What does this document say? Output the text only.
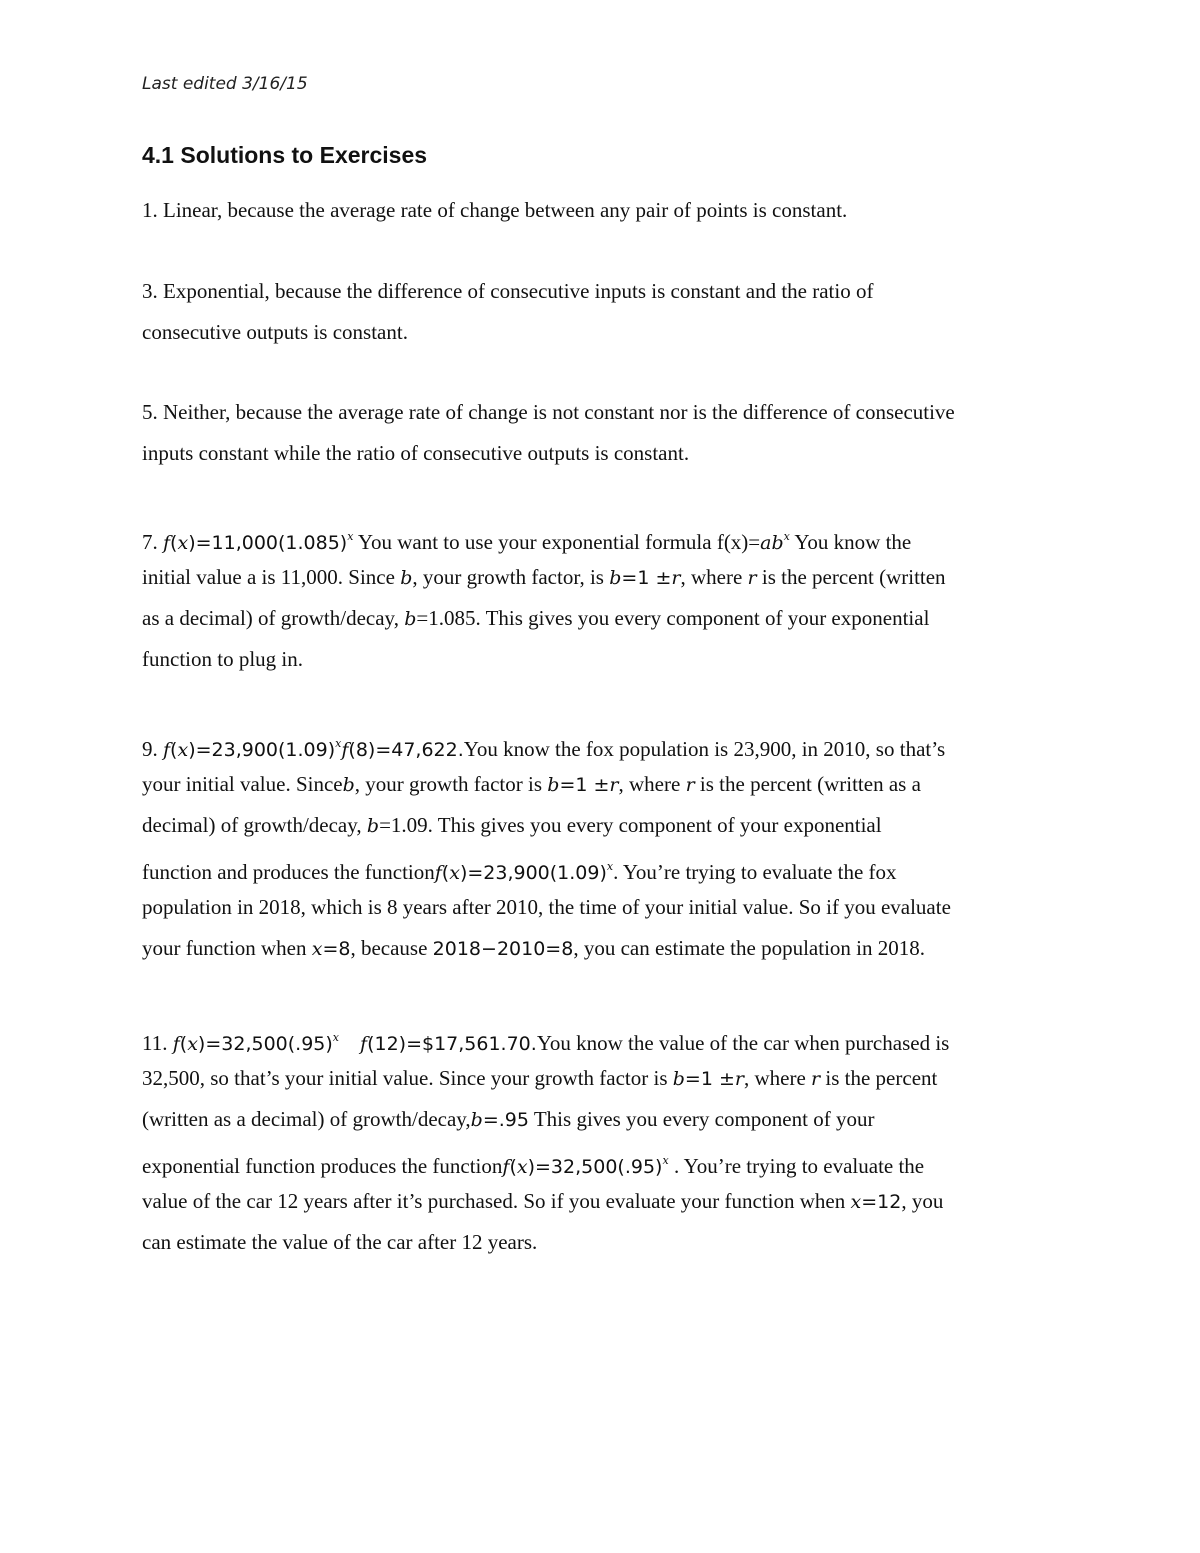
Last edited 3/16/15
4.1 Solutions to Exercises
1. Linear, because the average rate of change between any pair of points is constant.
3. Exponential, because the difference of consecutive inputs is constant and the ratio of
consecutive outputs is constant.
5. Neither, because the average rate of change is not constant nor is the difference of consecutive
inputs constant while the ratio of consecutive outputs is constant.
7. $f(x)=11,000(1.085)^x$ You want to use your exponential formula $f(x)=ab^x$ You know the
initial value a is 11,000. Since b, your growth factor, is b=1 ±r, where r is the percent (written
as a decimal) of growth/decay, b=1.085. This gives you every component of your exponential
function to plug in.
9. $f(x)=23,900(1.09)^xf(8)=47,622.You$ know the fox population is 23,900, in 2010, so that’s
your initial value. Sinceb, your growth factor is b=1 ±r, where r is the percent (written as a
decimal) of growth/decay, b=1.09. This gives you every component of your exponential
function and produces the $functionf(x)=23,900(1.09)^x$. You’re trying to evaluate the fox
population in 2018, which is 8 years after 2010, the time of your initial value. So if you evaluate
your function when x=8, because 2018−2010=8, you can estimate the population in 2018.
11. $f(x)=32,500(.95)^x$ f(12)=$17,561.70.You know the value of the car when purchased is
32,500, so that’s your initial value. Since your growth factor is b=1 ±r, where r is the percent
(written as a decimal) of growth/decay,b=.95 This gives you every component of your
exponential function produces the $functionf(x)=32,500(.95)^x$ . You’re trying to evaluate the
value of the car 12 years after it’s purchased. So if you evaluate your function when x=12, you
can estimate the value of the car after 12 years.
